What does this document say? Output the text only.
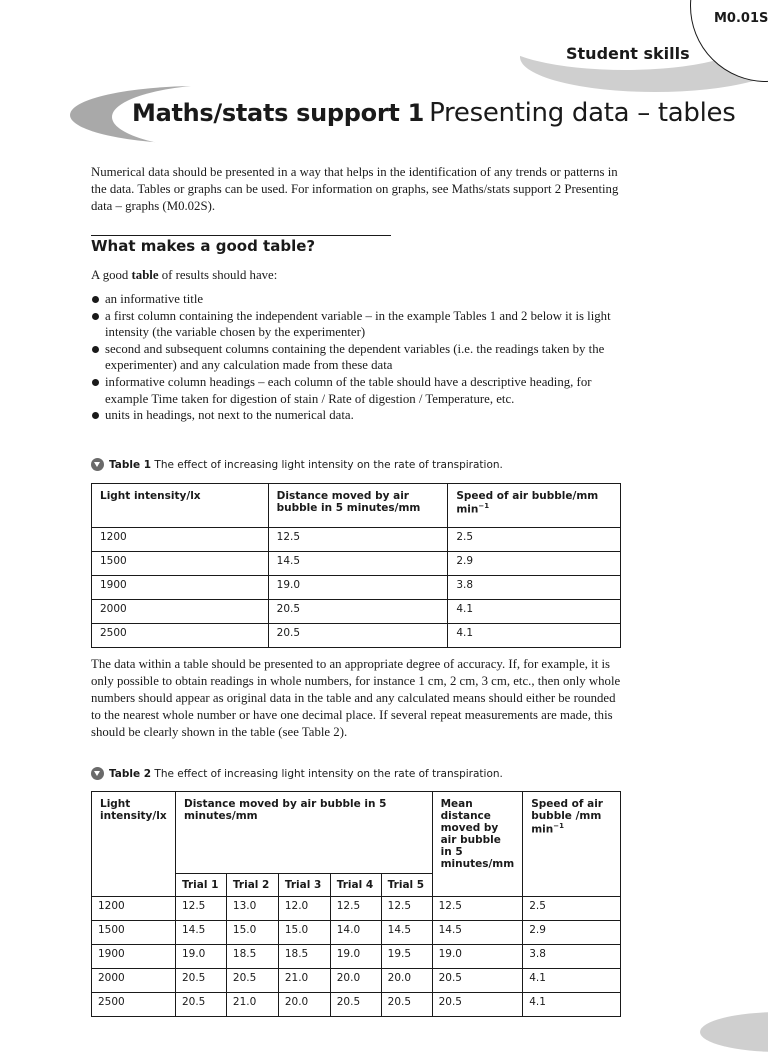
M0.01S
Student skills
Maths/stats support 1 Presenting data – tables
Numerical data should be presented in a way that helps in the identification of any trends or patterns in the data. Tables or graphs can be used. For information on graphs, see Maths/stats support 2 Presenting data – graphs (M0.02S).
What makes a good table?
A good table of results should have:
an informative title
a first column containing the independent variable – in the example Tables 1 and 2 below it is light intensity (the variable chosen by the experimenter)
second and subsequent columns containing the dependent variables (i.e. the readings taken by the experimenter) and any calculation made from these data
informative column headings – each column of the table should have a descriptive heading, for example Time taken for digestion of stain / Rate of digestion / Temperature, etc.
units in headings, not next to the numerical data.
Table 1 The effect of increasing light intensity on the rate of transpiration.
Light intensity/lx	Distance moved by air bubble in 5 minutes/mm	Speed of air bubble/mm $\min^{-1}$
1200	12.5	2.5
1500	14.5	2.9
1900	19.0	3.8
2000	20.5	4.1
2500	20.5	4.1
The data within a table should be presented to an appropriate degree of accuracy. If, for example, it is only possible to obtain readings in whole numbers, for instance 1 cm, 2 cm, 3 cm, etc., then only whole numbers should appear as original data in the table and any calculated means should either be rounded to the nearest whole number or have one decimal place. If several repeat measurements are made, this should be clearly shown in the table (see Table 2).
Table 2 The effect of increasing light intensity on the rate of transpiration.
Light intensity/lx	Distance moved by air bubble in 5 minutes/mm					Mean distance moved by air bubble in 5 minutes/mm	Speed of air bubble /mm $\min^{-1}$
	Trial 1	Trial 2	Trial 3	Trial 4	Trial 5		
1200	12.5	13.0	12.0	12.5	12.5	12.5	2.5
1500	14.5	15.0	15.0	14.0	14.5	14.5	2.9
1900	19.0	18.5	18.5	19.0	19.5	19.0	3.8
2000	20.5	20.5	21.0	20.0	20.0	20.5	4.1
2500	20.5	21.0	20.0	20.5	20.5	20.5	4.1
